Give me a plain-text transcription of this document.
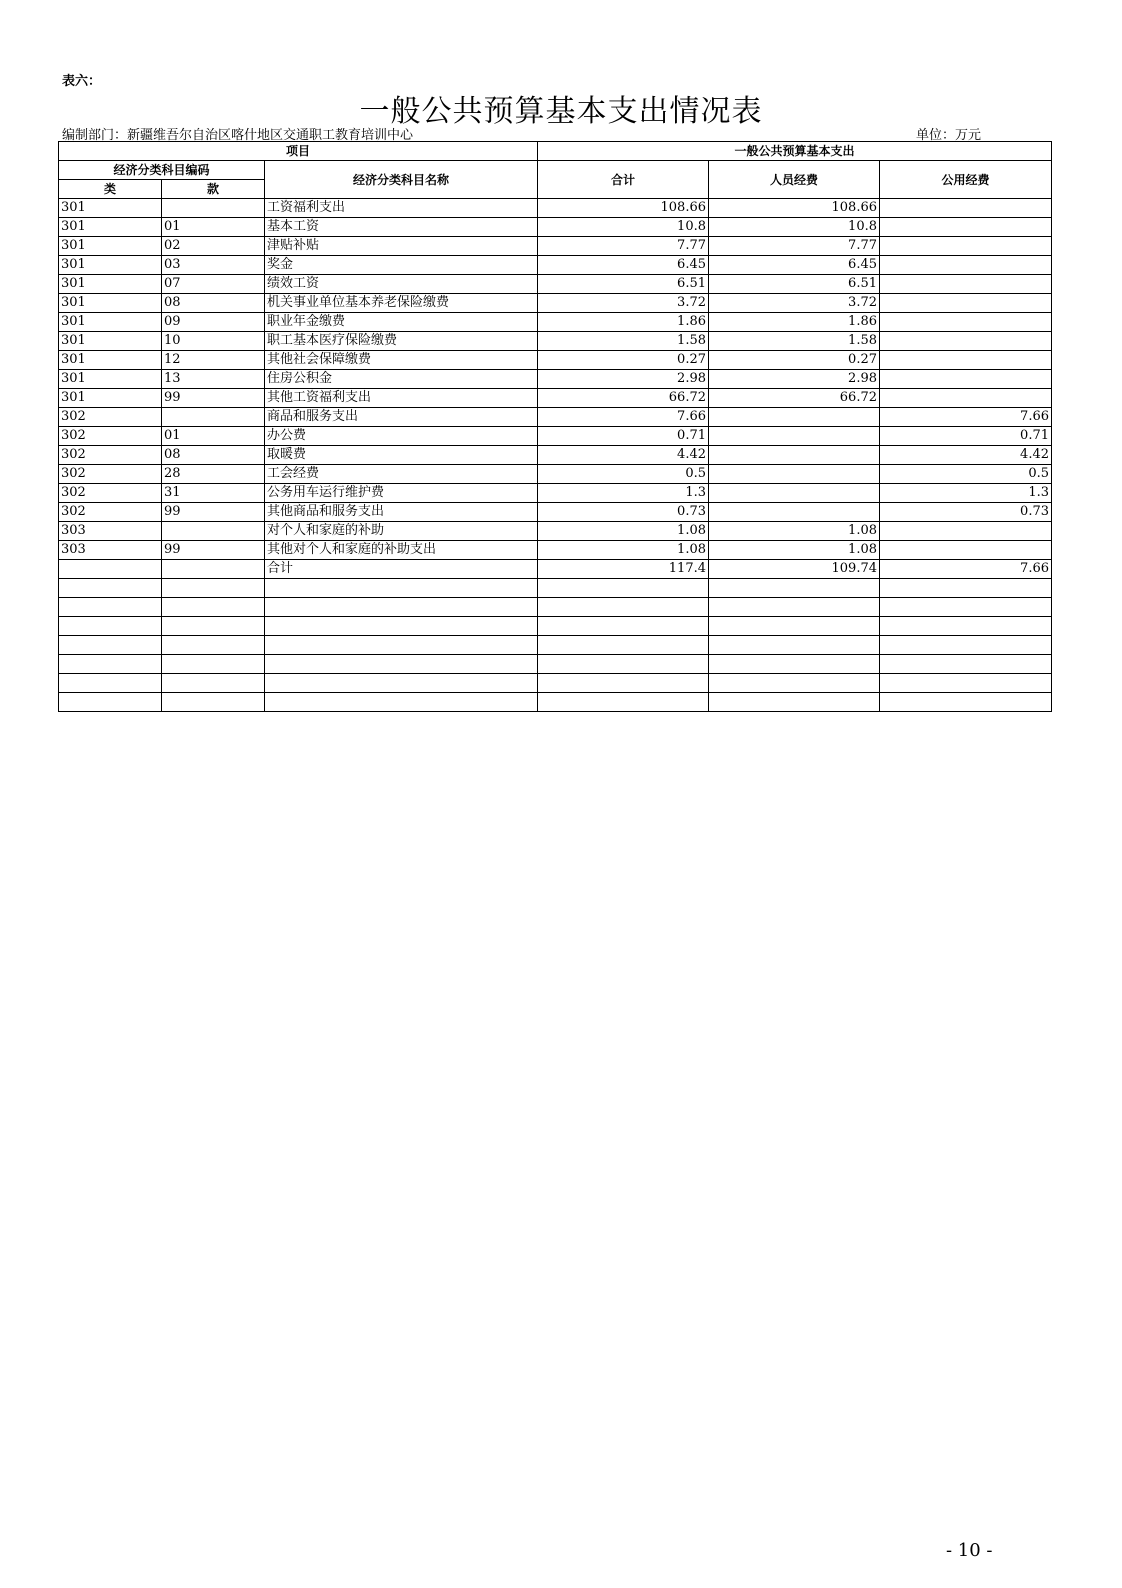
表六：
一般公共预算基本支出情况表
编制部门：新疆维吾尔自治区喀什地区交通职工教育培训中心	单位：万元
项目			一般公共预算基本支出		
经济分类科目编码		经济分类科目名称	合计	人员经费	公用经费
类	款				
301		工资福利支出	108.66	108.66	
301	01	基本工资	10.8	10.8	
301	02	津贴补贴	7.77	7.77	
301	03	奖金	6.45	6.45	
301	07	绩效工资	6.51	6.51	
301	08	机关事业单位基本养老保险缴费	3.72	3.72	
301	09	职业年金缴费	1.86	1.86	
301	10	职工基本医疗保险缴费	1.58	1.58	
301	12	其他社会保障缴费	0.27	0.27	
301	13	住房公积金	2.98	2.98	
301	99	其他工资福利支出	66.72	66.72	
302		商品和服务支出	7.66		7.66
302	01	办公费	0.71		0.71
302	08	取暖费	4.42		4.42
302	28	工会经费	0.5		0.5
302	31	公务用车运行维护费	1.3		1.3
302	99	其他商品和服务支出	0.73		0.73
303		对个人和家庭的补助	1.08	1.08	
303	99	其他对个人和家庭的补助支出	1.08	1.08	
		合计	117.4	109.74	7.66

- 10 -
